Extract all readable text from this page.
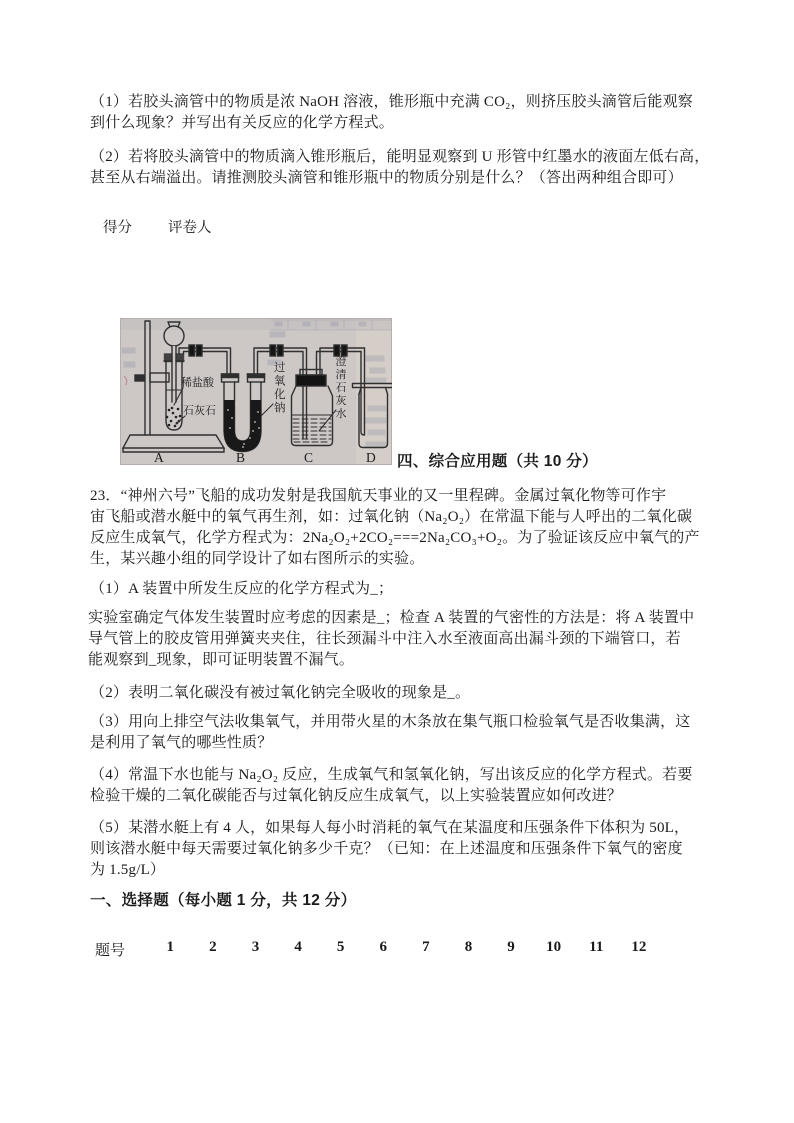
（1）若胶头滴管中的物质是浓 NaOH 溶液，锥形瓶中充满 CO₂，则挤压胶头滴管后能观察
到什么现象？并写出有关反应的化学方程式。
（2）若将胶头滴管中的物质滴入锥形瓶后，能明显观察到 U 形管中红墨水的液面左低右高，
甚至从右端溢出。请推测胶头滴管和锥形瓶中的物质分别是什么？（答出两种组合即可）
得分 评卷人
稀盐酸
石灰石
过氧化钠
澄清石灰水
A	B	C	D 四、综合应用题（共 10 分）
23．“神州六号”飞船的成功发射是我国航天事业的又一里程碑。金属过氧化物等可作宇
宙飞船或潜水艇中的氧气再生剂，如：过氧化钠（Na₂O₂）在常温下能与人呼出的二氧化碳
反应生成氧气，化学方程式为：2Na₂O₂+2CO₂===2Na₂CO₃+O₂。为了验证该反应中氧气的产
生，某兴趣小组的同学设计了如右图所示的实验。
（1）A 装置中所发生反应的化学方程式为_；
实验室确定气体发生装置时应考虑的因素是_；检查 A 装置的气密性的方法是：将 A 装置中
导气管上的胶皮管用弹簧夹夹住，往长颈漏斗中注入水至液面高出漏斗颈的下端管口，若
能观察到_现象，即可证明装置不漏气。
（2）表明二氧化碳没有被过氧化钠完全吸收的现象是_。
（3）用向上排空气法收集氧气，并用带火星的木条放在集气瓶口检验氧气是否收集满，这
是利用了氧气的哪些性质？
（4）常温下水也能与 Na₂O₂ 反应，生成氧气和氢氧化钠，写出该反应的化学方程式。若要
检验干燥的二氧化碳能否与过氧化钠反应生成氧气，以上实验装置应如何改进？
（5）某潜水艇上有 4 人，如果每人每小时消耗的氧气在某温度和压强条件下体积为 50L，
则该潜水艇中每天需要过氧化钠多少千克？（已知：在上述温度和压强条件下氧气的密度
为 1.5g/L）
一、选择题（每小题 1 分，共 12 分）
题号	1	2	3	4	5	6	7	8	9	10	11	12
